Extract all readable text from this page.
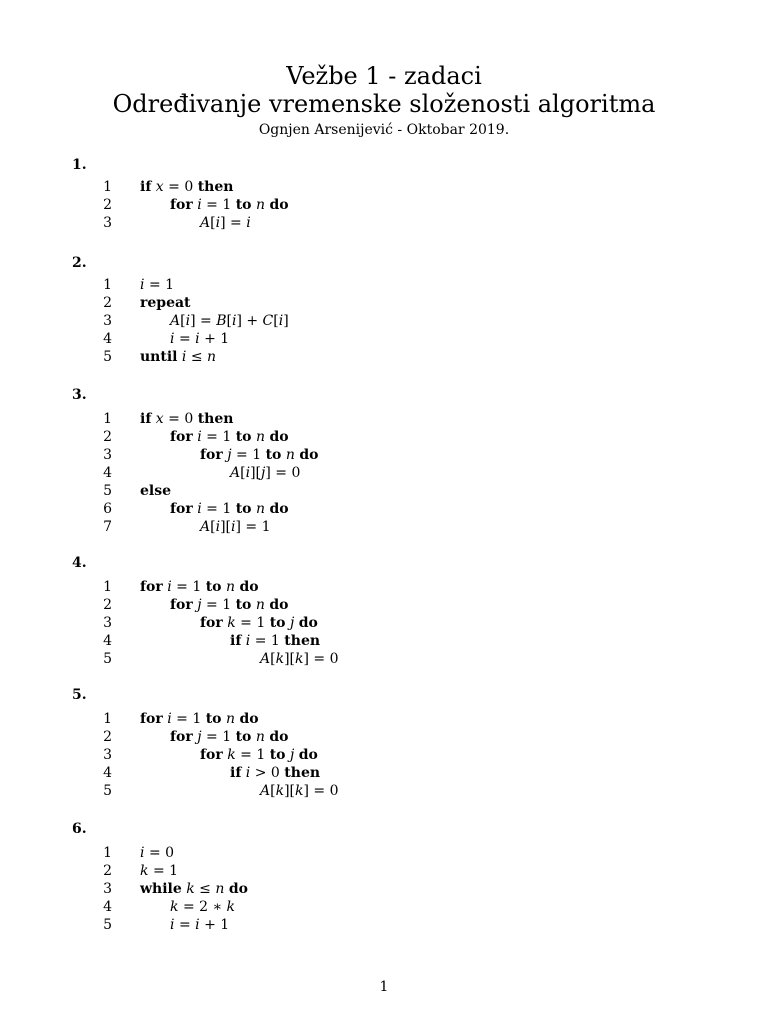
Vežbe 1 - zadaci
Određivanje vremenske složenosti algoritma
Ognjen Arsenijević - Oktobar 2019.
1.
1 if x = 0 then
2	for i = 1 to n do
3	A[i] = i
2.
1 i = 1
2 repeat
3	A[i] = B[i] + C[i]
4	i = i + 1
5 until i ≤ n
3.
1 if x = 0 then
2	for i = 1 to n do
3	for j = 1 to n do
4	A[i][j] = 0
5 else
6	for i = 1 to n do
7	A[i][i] = 1
4.
1 for i = 1 to n do
2	for j = 1 to n do
3	for k = 1 to j do
4	if i = 1 then
5	A[k][k] = 0
5.
1 for i = 1 to n do
2	for j = 1 to n do
3	for k = 1 to j do
4	if i > 0 then
5	A[k][k] = 0
6.
1 i = 0
2 k = 1
3 while k ≤ n do
4	k = 2 ∗ k
5	i = i + 1
1
